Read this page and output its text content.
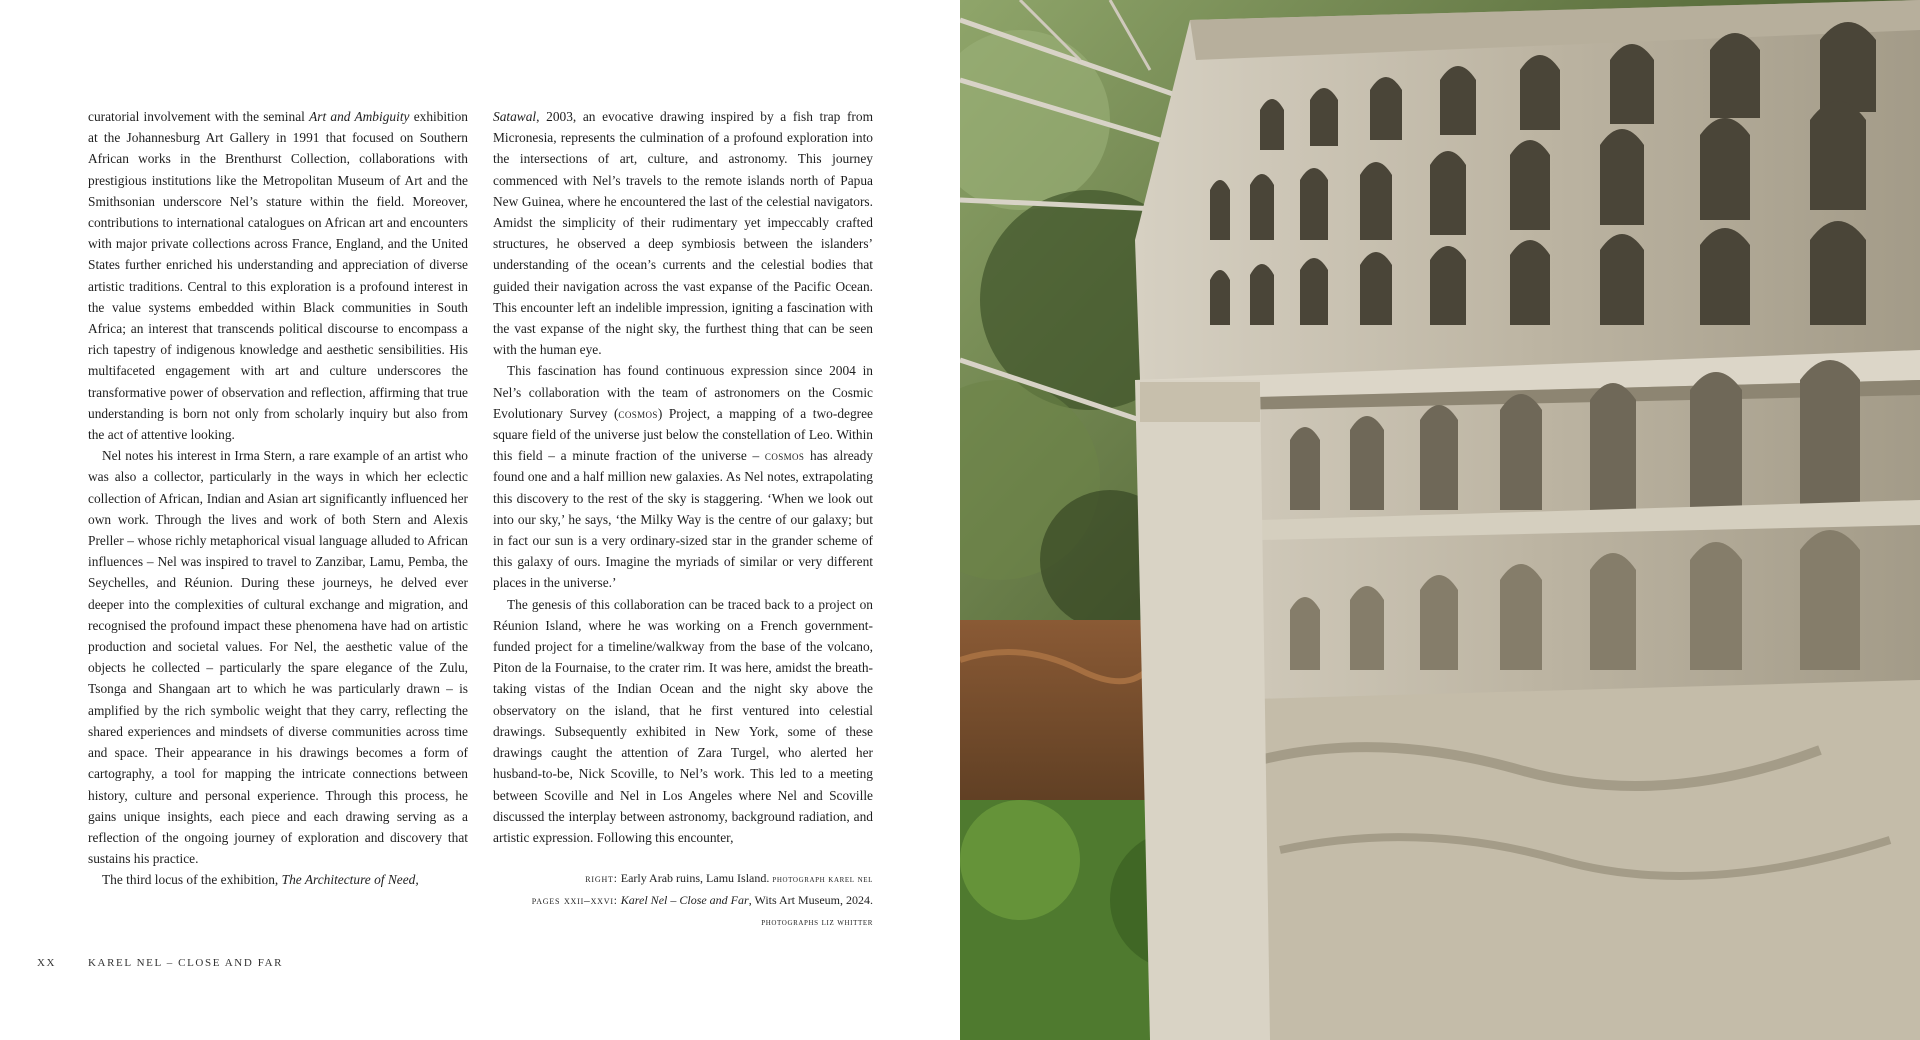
curatorial involvement with the seminal Art and Ambiguity exhibition at the Johannesburg Art Gallery in 1991 that focused on Southern African works in the Brenthurst Collection, collaborations with prestigious institutions like the Metropolitan Museum of Art and the Smithsonian underscore Nel’s stature within the field. Moreover, contributions to international catalogues on African art and encounters with major private collections across France, England, and the United States further enriched his understanding and appreciation of diverse artistic traditions. Central to this exploration is a profound interest in the value systems embedded within Black communities in South Africa; an interest that transcends political discourse to encompass a rich tapestry of indigenous knowledge and aesthetic sensibilities. His multifaceted engagement with art and culture underscores the transformative power of observation and reflection, affirming that true understanding is born not only from scholarly inquiry but also from the act of attentive looking.

Nel notes his interest in Irma Stern, a rare example of an artist who was also a collector, particularly in the ways in which her eclectic collection of African, Indian and Asian art significantly influenced her own work. Through the lives and work of both Stern and Alexis Preller – whose richly metaphorical visual language alluded to African influences – Nel was inspired to travel to Zanzibar, Lamu, Pemba, the Seychelles, and Réunion. During these journeys, he delved ever deeper into the complexities of cultural exchange and migration, and recognised the profound impact these phenomena have had on artistic production and societal values. For Nel, the aesthetic value of the objects he collected – particularly the spare elegance of the Zulu, Tsonga and Shangaan art to which he was particularly drawn – is amplified by the rich symbolic weight that they carry, reflecting the shared experiences and mindsets of diverse communities across time and space. Their appearance in his drawings becomes a form of cartography, a tool for mapping the intricate connections between history, culture and personal experience. Through this process, he gains unique insights, each piece and each drawing serving as a reflection of the ongoing journey of exploration and discovery that sustains his practice.

The third locus of the exhibition, The Architecture of Need,

Satawal, 2003, an evocative drawing inspired by a fish trap from Micronesia, represents the culmination of a profound exploration into the intersections of art, culture, and astronomy. This journey commenced with Nel’s travels to the remote islands north of Papua New Guinea, where he encountered the last of the celestial navigators. Amidst the simplicity of their rudimentary yet impeccably crafted structures, he observed a deep symbiosis between the islanders’ understanding of the ocean’s currents and the celestial bodies that guided their navigation across the vast expanse of the Pacific Ocean. This encounter left an indelible impression, igniting a fascination with the vast expanse of the night sky, the furthest thing that can be seen with the human eye.

This fascination has found continuous expression since 2004 in Nel’s collaboration with the team of astronomers on the Cosmic Evolutionary Survey (cosmos) Project, a mapping of a two-degree square field of the universe just below the constellation of Leo. Within this field – a minute fraction of the universe – cosmos has already found one and a half million new galaxies. As Nel notes, extrapolating this discovery to the rest of the sky is staggering. ‘When we look out into our sky,’ he says, ‘the Milky Way is the centre of our galaxy; but in fact our sun is a very ordinary-sized star in the grander scheme of this galaxy of ours. Imagine the myriads of similar or very different places in the universe.’

The genesis of this collaboration can be traced back to a project on Réunion Island, where he was working on a French government-funded project for a timeline/walkway from the base of the volcano, Piton de la Fournaise, to the crater rim. It was here, amidst the breath-taking vistas of the Indian Ocean and the night sky above the observatory on the island, that he first ventured into celestial drawings. Subsequently exhibited in New York, some of these drawings caught the attention of Zara Turgel, who alerted her husband-to-be, Nick Scoville, to Nel’s work. This led to a meeting between Scoville and Nel in Los Angeles where Nel and Scoville discussed the interplay between astronomy, background radiation, and artistic expression. Following this encounter,

right: Early Arab ruins, Lamu Island. photograph karel nel
pages xxii–xxvi: Karel Nel – Close and Far, Wits Art Museum, 2024.
photographs liz whitter
XX	KAREL NEL – CLOSE AND FAR
